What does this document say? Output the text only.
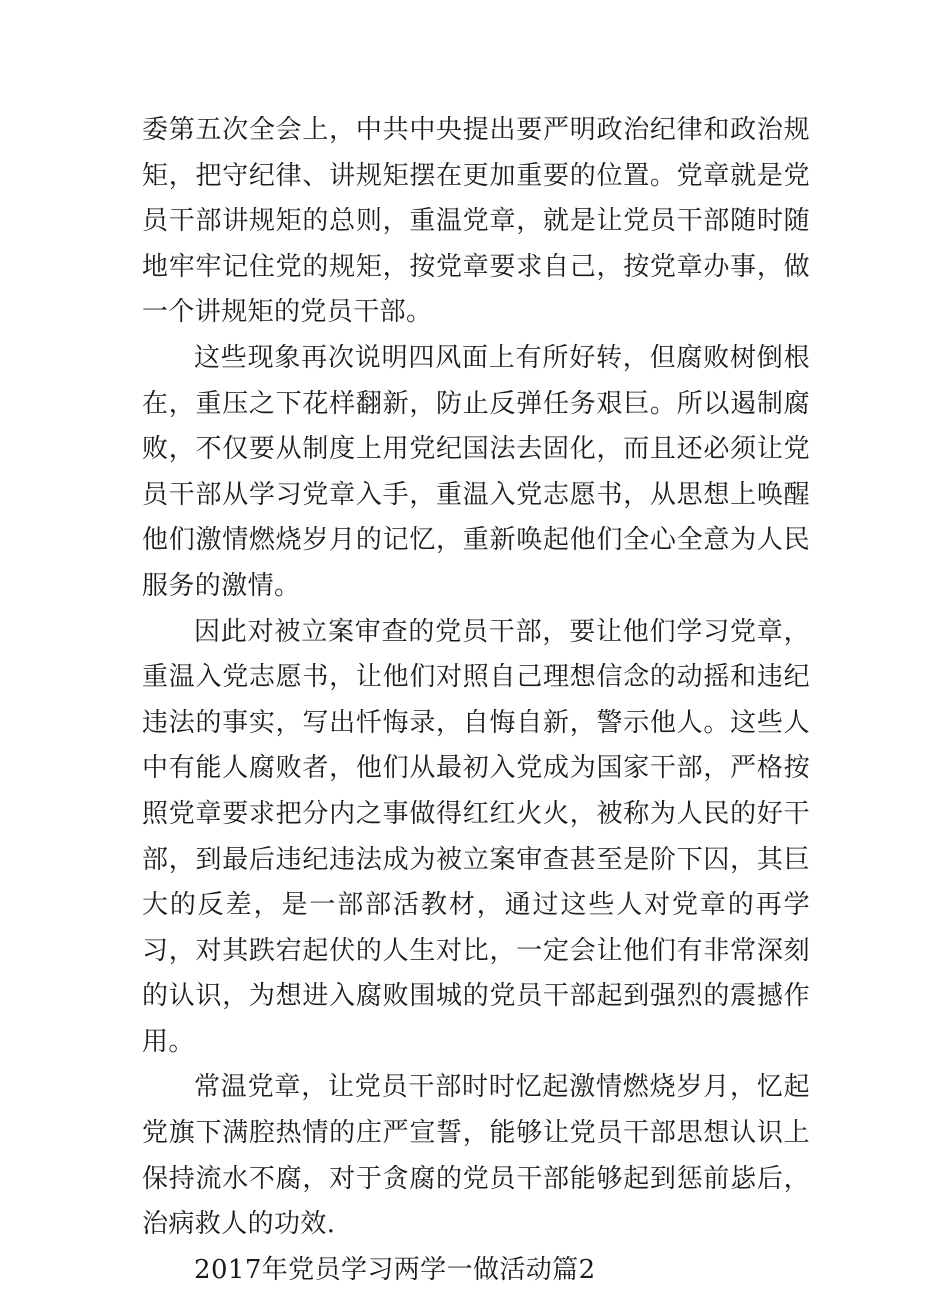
委第五次全会上，中共中央提出要严明政治纪律和政治规矩，把守纪律、讲规矩摆在更加重要的位置。党章就是党员干部讲规矩的总则，重温党章，就是让党员干部随时随地牢牢记住党的规矩，按党章要求自己，按党章办事，做一个讲规矩的党员干部。

这些现象再次说明四风面上有所好转，但腐败树倒根在，重压之下花样翻新，防止反弹任务艰巨。所以遏制腐败，不仅要从制度上用党纪国法去固化，而且还必须让党员干部从学习党章入手，重温入党志愿书，从思想上唤醒他们激情燃烧岁月的记忆，重新唤起他们全心全意为人民服务的激情。

因此对被立案审查的党员干部，要让他们学习党章，重温入党志愿书，让他们对照自己理想信念的动摇和违纪违法的事实，写出忏悔录，自悔自新，警示他人。这些人中有能人腐败者，他们从最初入党成为国家干部，严格按照党章要求把分内之事做得红红火火，被称为人民的好干部，到最后违纪违法成为被立案审查甚至是阶下囚，其巨大的反差，是一部部活教材，通过这些人对党章的再学习，对其跌宕起伏的人生对比，一定会让他们有非常深刻的认识，为想进入腐败围城的党员干部起到强烈的震撼作用。

常温党章，让党员干部时时忆起激情燃烧岁月，忆起党旗下满腔热情的庄严宣誓，能够让党员干部思想认识上保持流水不腐，对于贪腐的党员干部能够起到惩前毖后，治病救人的功效.

2017年党员学习两学一做活动篇2
